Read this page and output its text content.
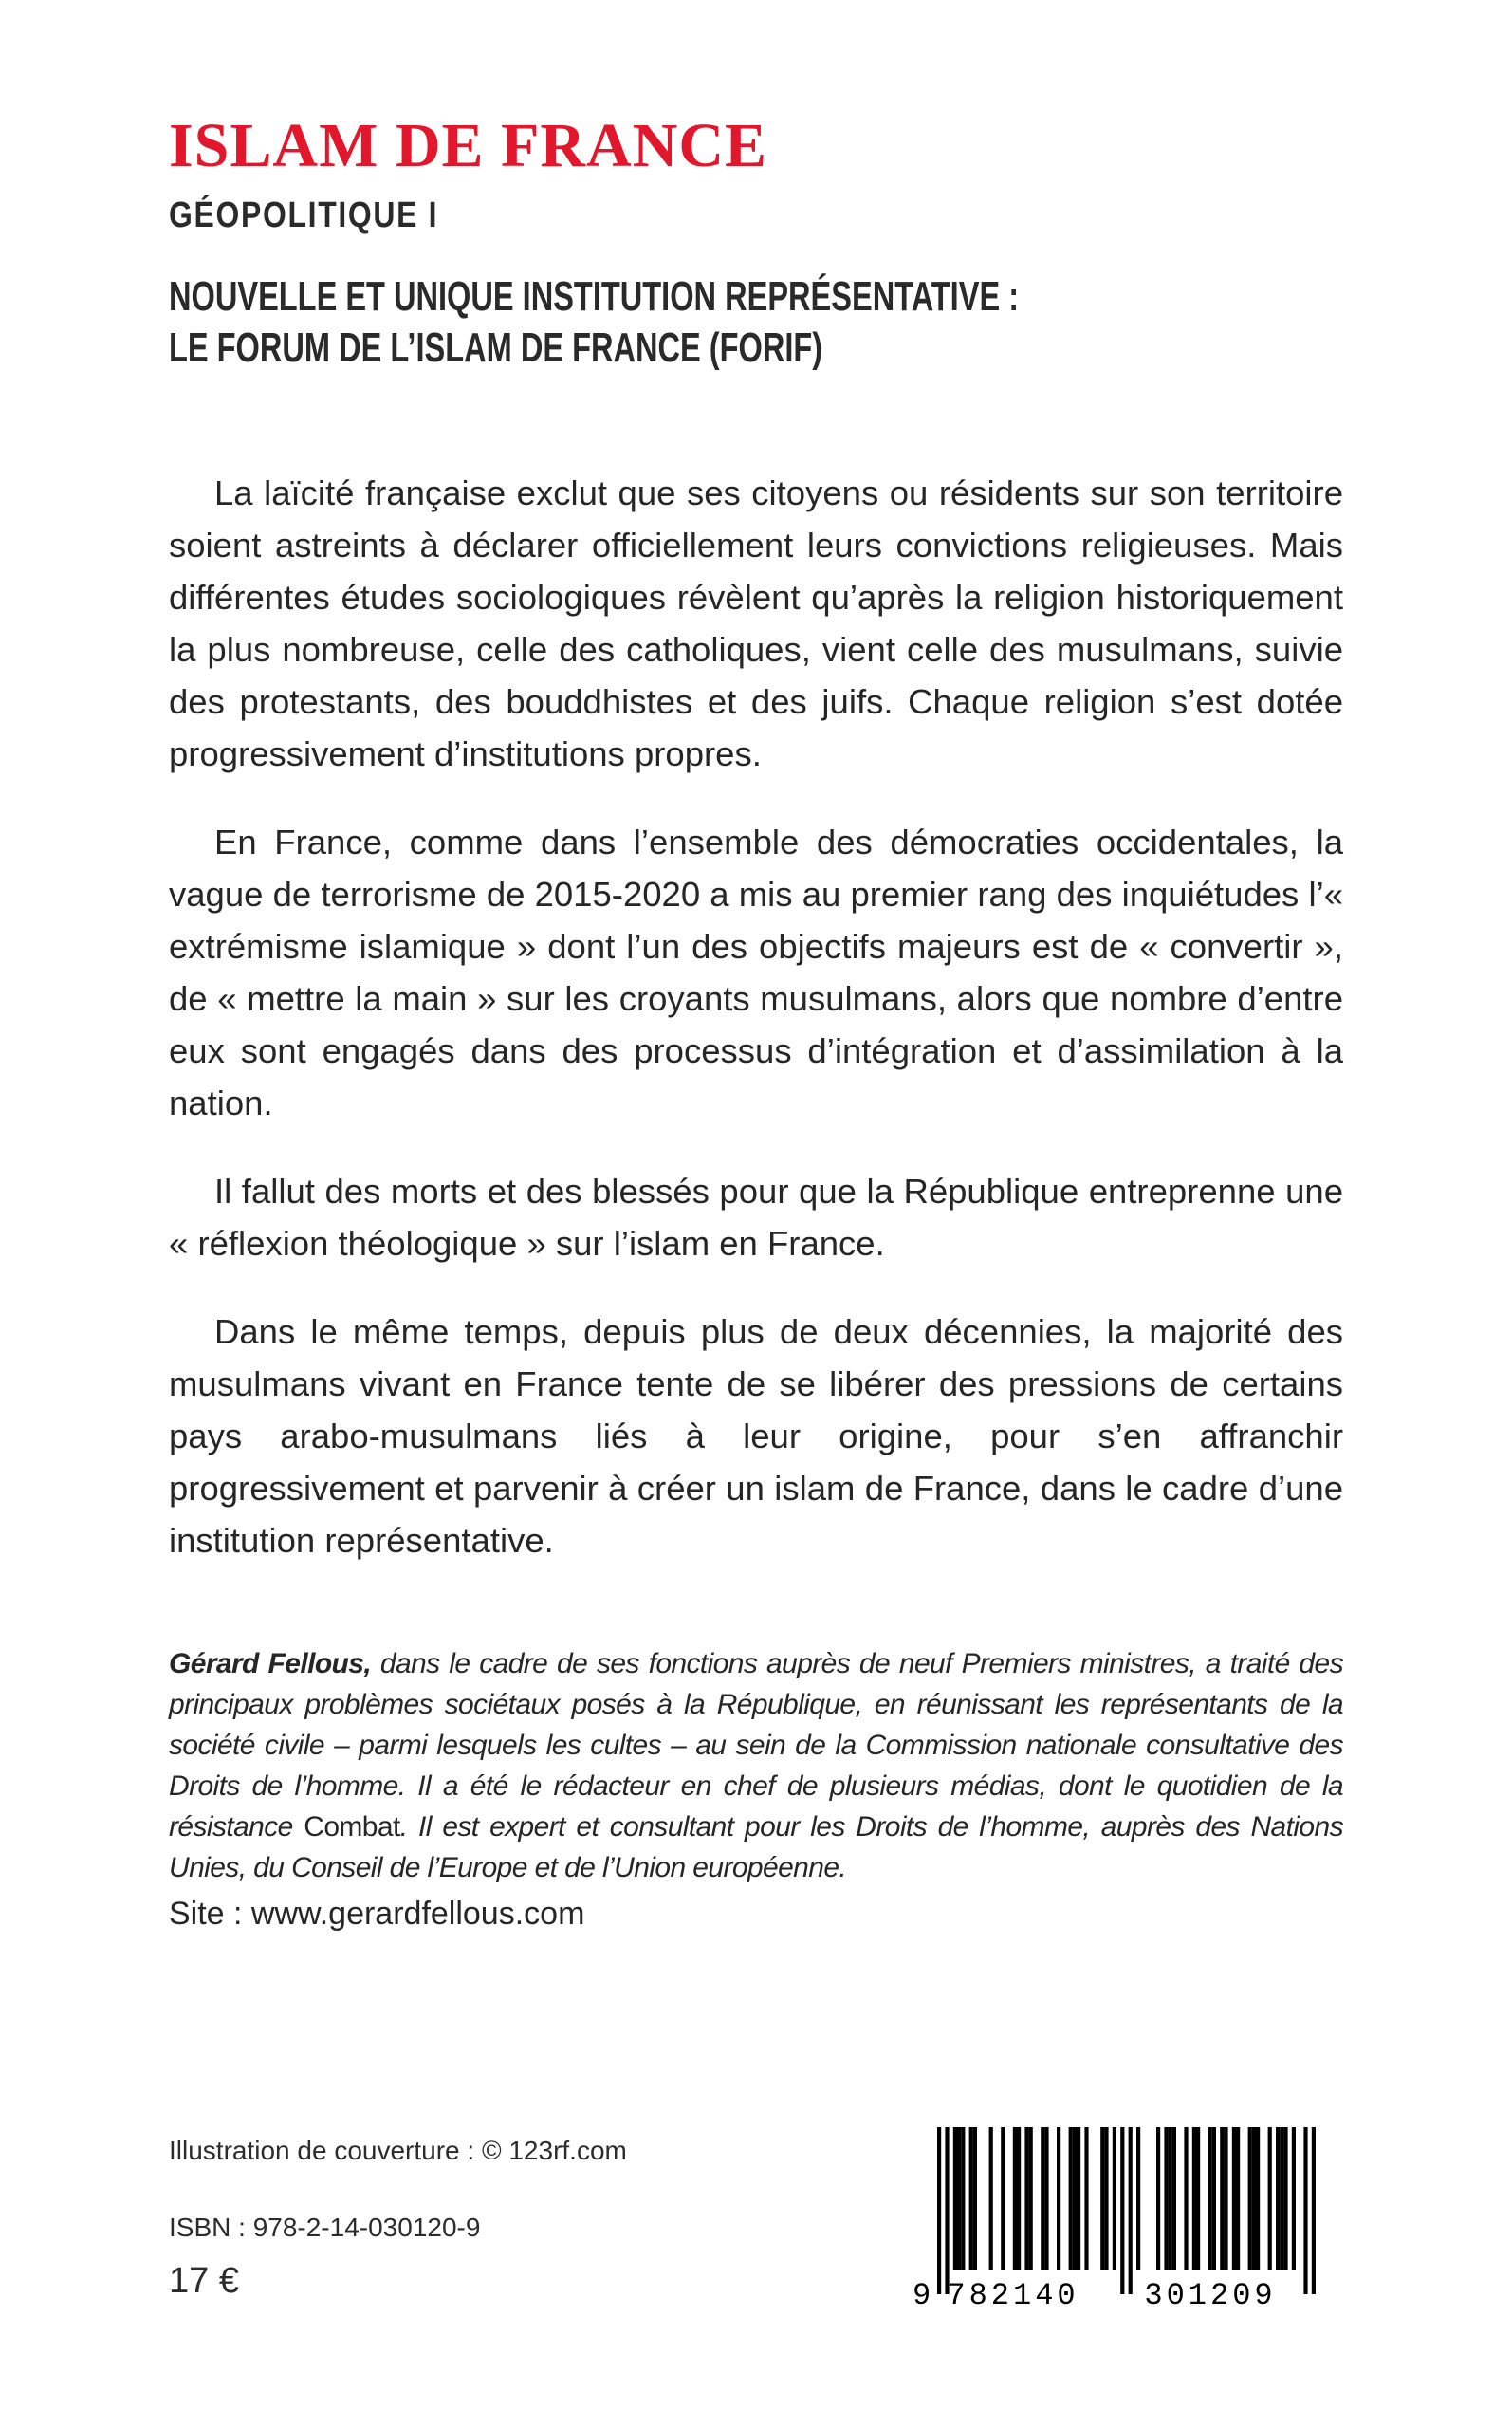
ISLAM DE FRANCE
GÉOPOLITIQUE I
NOUVELLE ET UNIQUE INSTITUTION REPRÉSENTATIVE :
LE FORUM DE L’ISLAM DE FRANCE (FORIF)

La laïcité française exclut que ses citoyens ou résidents sur son territoire soient astreints à déclarer officiellement leurs convictions religieuses. Mais différentes études sociologiques révèlent qu’après la religion historiquement la plus nombreuse, celle des catholiques, vient celle des musulmans, suivie des protestants, des bouddhistes et des juifs. Chaque religion s’est dotée progressivement d’institutions propres.

En France, comme dans l’ensemble des démocraties occidentales, la vague de terrorisme de 2015-2020 a mis au premier rang des inquiétudes l’« extrémisme islamique » dont l’un des objectifs majeurs est de « convertir », de « mettre la main » sur les croyants musulmans, alors que nombre d’entre eux sont engagés dans des processus d’intégration et d’assimilation à la nation.

Il fallut des morts et des blessés pour que la République entreprenne une « réflexion théologique » sur l’islam en France.

Dans le même temps, depuis plus de deux décennies, la majorité des musulmans vivant en France tente de se libérer des pressions de certains pays arabo-musulmans liés à leur origine, pour s’en affranchir progressivement et parvenir à créer un islam de France, dans le cadre d’une institution représentative.

Gérard Fellous, dans le cadre de ses fonctions auprès de neuf Premiers ministres, a traité des principaux problèmes sociétaux posés à la République, en réunissant les représentants de la société civile – parmi lesquels les cultes – au sein de la Commission nationale consultative des Droits de l’homme. Il a été le rédacteur en chef de plusieurs médias, dont le quotidien de la résistance Combat. Il est expert et consultant pour les Droits de l’homme, auprès des Nations Unies, du Conseil de l’Europe et de l’Union européenne.

Site : www.gerardfellous.com
Illustration de couverture : © 123rf.com
ISBN : 978-2-14-030120-9
17 €	9 782140 301209
